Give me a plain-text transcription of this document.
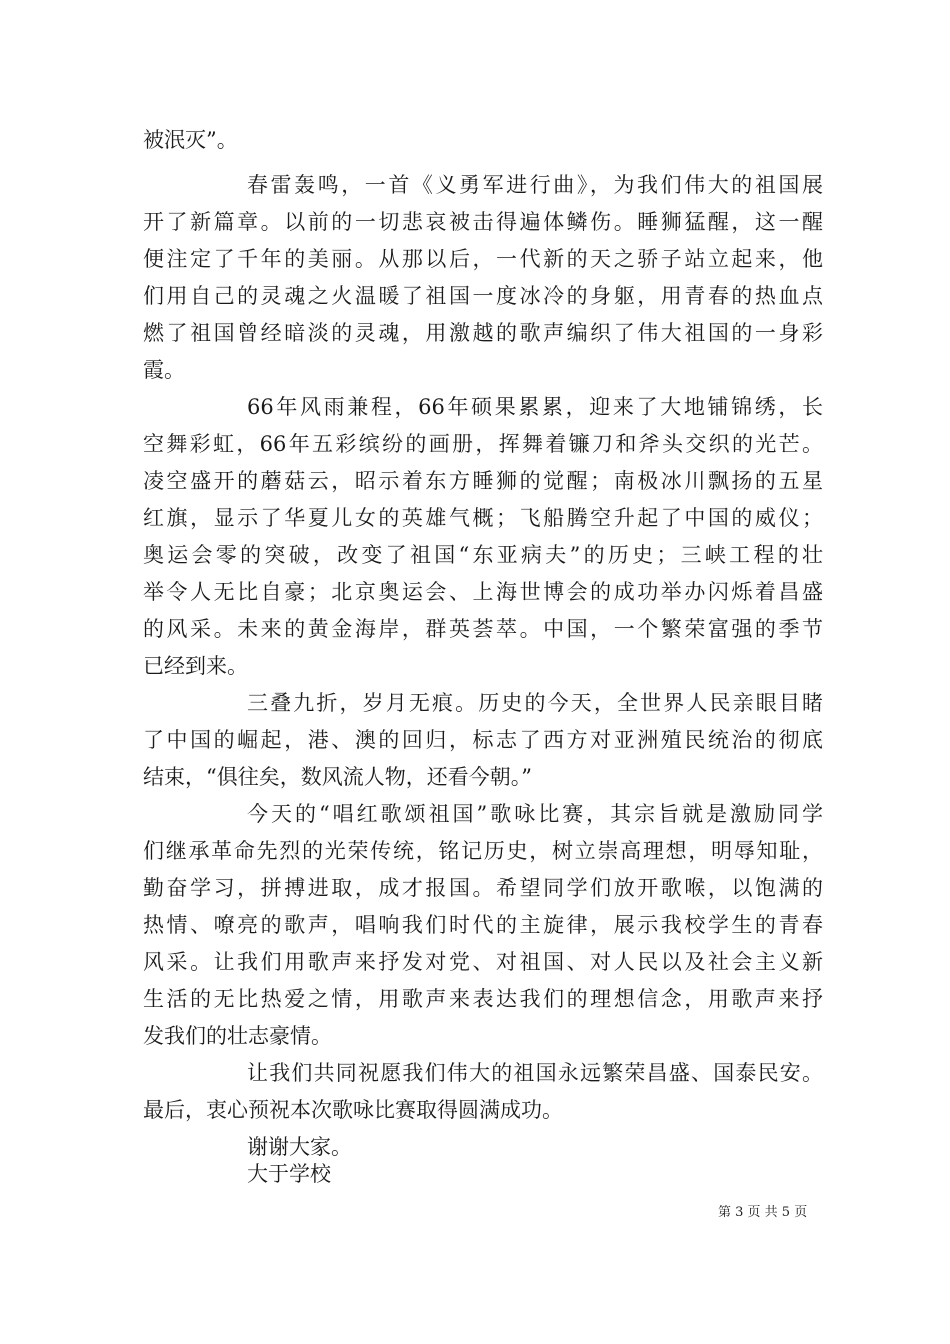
被泯灭”。

春雷轰鸣，一首《义勇军进行曲》，为我们伟大的祖国展

开了新篇章。以前的一切悲哀被击得遍体鳞伤。睡狮猛醒，这一醒

便注定了千年的美丽。从那以后，一代新的天之骄子站立起来，他

们用自己的灵魂之火温暖了祖国一度冰冷的身躯，用青春的热血点

燃了祖国曾经暗淡的灵魂，用激越的歌声编织了伟大祖国的一身彩

霞。

66年风雨兼程，66年硕果累累，迎来了大地铺锦绣，长

空舞彩虹，66年五彩缤纷的画册，挥舞着镰刀和斧头交织的光芒。

凌空盛开的蘑菇云，昭示着东方睡狮的觉醒；南极冰川飘扬的五星

红旗，显示了华夏儿女的英雄气概；飞船腾空升起了中国的威仪；

奥运会零的突破，改变了祖国“东亚病夫”的历史；三峡工程的壮

举令人无比自豪；北京奥运会、上海世博会的成功举办闪烁着昌盛

的风采。未来的黄金海岸，群英荟萃。中国，一个繁荣富强的季节

已经到来。

三叠九折，岁月无痕。历史的今天，全世界人民亲眼目睹

了中国的崛起，港、澳的回归，标志了西方对亚洲殖民统治的彻底

结束，“俱往矣，数风流人物，还看今朝。”

今天的“唱红歌颂祖国”歌咏比赛，其宗旨就是激励同学

们继承革命先烈的光荣传统，铭记历史，树立崇高理想，明辱知耻，

勤奋学习，拼搏进取，成才报国。希望同学们放开歌喉，以饱满的

热情、嘹亮的歌声，唱响我们时代的主旋律，展示我校学生的青春

风采。让我们用歌声来抒发对党、对祖国、对人民以及社会主义新

生活的无比热爱之情，用歌声来表达我们的理想信念，用歌声来抒

发我们的壮志豪情。

让我们共同祝愿我们伟大的祖国永远繁荣昌盛、国泰民安。

最后，衷心预祝本次歌咏比赛取得圆满成功。

谢谢大家。

大于学校

第 3 页 共 5 页
